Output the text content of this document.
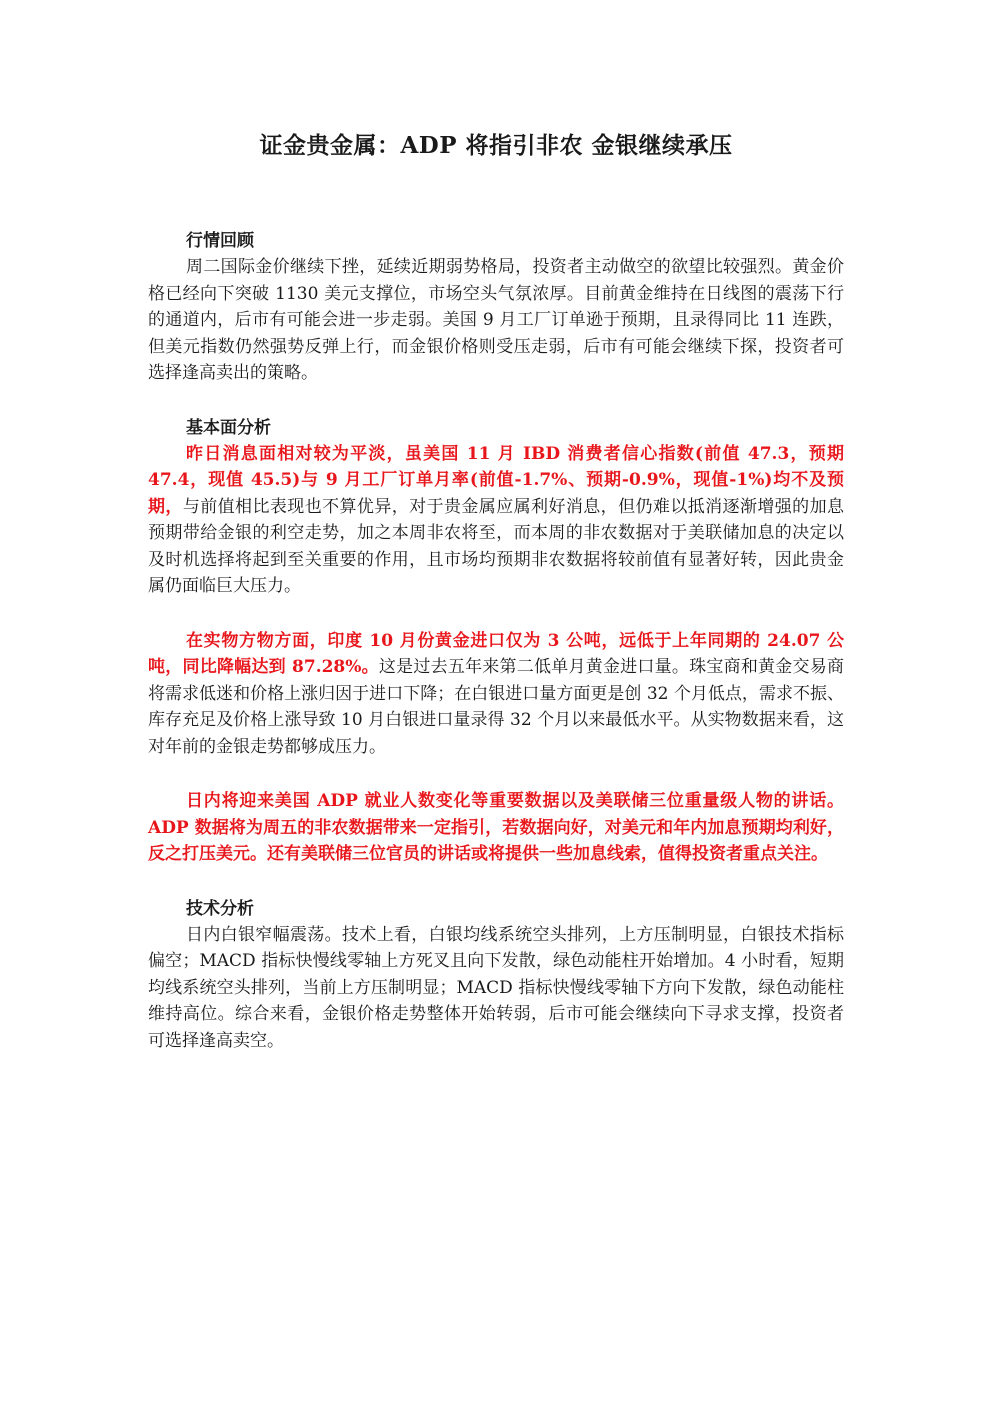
证金贵金属：ADP 将指引非农 金银继续承压

行情回顾

周二国际金价继续下挫，延续近期弱势格局，投资者主动做空的欲望比较强烈。黄金价格已经向下突破 1130 美元支撑位，市场空头气氛浓厚。目前黄金维持在日线图的震荡下行的通道内，后市有可能会进一步走弱。美国 9 月工厂订单逊于预期，且录得同比 11 连跌，但美元指数仍然强势反弹上行，而金银价格则受压走弱，后市有可能会继续下探，投资者可选择逢高卖出的策略。

基本面分析

昨日消息面相对较为平淡，虽美国 11 月 IBD 消费者信心指数(前值 47.3，预期 47.4，现值 45.5)与 9 月工厂订单月率(前值-1.7%、预期-0.9%，现值-1%)均不及预期，与前值相比表现也不算优异，对于贵金属应属利好消息，但仍难以抵消逐渐增强的加息预期带给金银的利空走势，加之本周非农将至，而本周的非农数据对于美联储加息的决定以及时机选择将起到至关重要的作用，且市场均预期非农数据将较前值有显著好转，因此贵金属仍面临巨大压力。

在实物方物方面，印度 10 月份黄金进口仅为 3 公吨，远低于上年同期的 24.07 公吨，同比降幅达到 87.28%。这是过去五年来第二低单月黄金进口量。珠宝商和黄金交易商将需求低迷和价格上涨归因于进口下降；在白银进口量方面更是创 32 个月低点，需求不振、库存充足及价格上涨导致 10 月白银进口量录得 32 个月以来最低水平。从实物数据来看，这对年前的金银走势都够成压力。

日内将迎来美国 ADP 就业人数变化等重要数据以及美联储三位重量级人物的讲话。ADP 数据将为周五的非农数据带来一定指引，若数据向好，对美元和年内加息预期均利好，反之打压美元。还有美联储三位官员的讲话或将提供一些加息线索，值得投资者重点关注。

技术分析

日内白银窄幅震荡。技术上看，白银均线系统空头排列，上方压制明显，白银技术指标偏空；MACD 指标快慢线零轴上方死叉且向下发散，绿色动能柱开始增加。4 小时看，短期均线系统空头排列，当前上方压制明显；MACD 指标快慢线零轴下方向下发散，绿色动能柱维持高位。综合来看，金银价格走势整体开始转弱，后市可能会继续向下寻求支撑，投资者可选择逢高卖空。
